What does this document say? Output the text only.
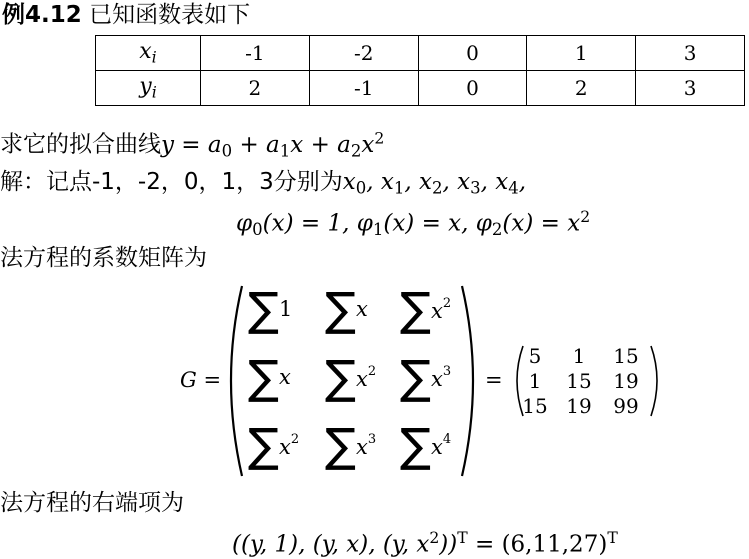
例4.12 已知函数表如下
$x_i$	-1	-2	0	1	3
$y_i$	2	-1	0	2	3
求它的拟合曲线$y = a_0 + a_1x + a_2x^2$
解：记点-1，-2，0，1，3分别为$x_0$, $x_1$, $x_2$, $x_3$, $x_4$,
$\varphi_0(x) = 1$, $\varphi_1(x) = x$, $\varphi_2(x) = x^2$
法方程的系数矩阵为
G =	=
∑1 ∑x $\sum x^2$
∑x $\sum x^2$ $\sum x^3$
$\sum x^2$ $\sum x^3$ $\sum x^4$
5	1	15
1	15	19
15 19	99
法方程的右端项为
((y, 1), (y, x), (y, $x^2))^T = (6,11,27)^T$
